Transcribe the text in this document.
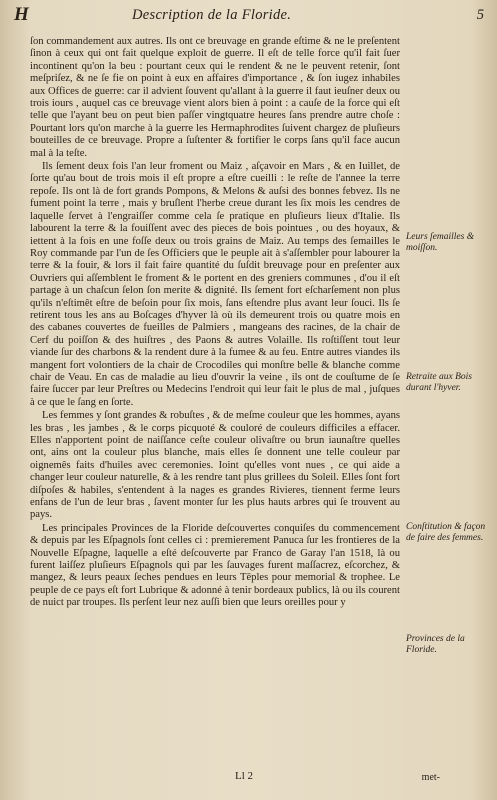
H	Description de la Floride.	5

ſon commandement aux autres. Ils ont ce breuvage en grande eſtime & ne le preſentent ſinon à ceux qui ont fait quelque exploit de guerre. Il eſt de telle force qu'il fait ſuer incontinent qu'on la beu : pourtant ceux qui le rendent & ne le peuvent retenir, ſont meſpriſez, & ne ſe fie on point à eux en affaires d'importance , & ſon iugez inhabiles aux Offices de guerre: car il advient ſouvent qu'allant à la guerre il faut ieuſner deux ou trois iours , auquel cas ce breuvage vient alors bien à point : a cauſe de la force qui eſt telle que l'ayant beu on peut bien paſſer vingtquatre heures ſans prendre autre choſe : Pourtant lors qu'on marche à la guerre les Hermaphrodites ſuivent chargez de pluſieurs bouteilles de ce breuvage. Propre a ſuſtenter & fortifier le corps ſans qu'il face aucun mal à la teſte.

Ils ſement deux fois l'an leur froment ou Maiz , aſçavoir en Mars , & en Iuillet, de ſorte qu'au bout de trois mois il eſt propre a eſtre cueilli : le reſte de l'annee la terre repoſe. Ils ont là de fort grands Pompons, & Melons & auſsi des bonnes febvez. Ils ne fument point la terre , mais y bruſlent l'herbe creue durant les ſix mois les cendres de laquelle ſervet à l'engraiſſer comme cela ſe pratique en pluſieurs lieux d'Italie. Ils labourent la terre & la fouiſſent avec des pieces de bois pointues , ou des hoyaux, & iettent à la fois en une foſſe deux ou trois grains de Maiz. Au temps des ſemailles le Roy commande par l'un de ſes Officiers que le peuple ait à s'aſſembler pour labourer la terre & la fouir, & lors il fait faire quantité du ſuſdit breuvage pour en preſenter aux Ouvriers qui aſſemblent le froment & le portent en des greniers communes , d'ou il eſt partage à un chaſcun ſelon ſon merite & dignité. Ils ſement fort eſcharſement non plus qu'ils n'eſtimêt eſtre de beſoin pour ſix mois, ſans eſtendre plus avant leur ſouci. Ils ſe retirent tous les ans au Boſcages d'hyver là où ils demeurent trois ou quatre mois en des cabanes couvertes de fueilles de Palmiers , mangeans des racines, de la chair de Cerf du poiſſon & des huiſtres , des Paons & autres Volaille. Ils roſtiſſent tout leur viande ſur des charbons & la rendent dure à la fumee & au feu. Entre autres viandes ils mangent fort volontiers de la chair de Crocodiles qui monſtre belle & blanche comme chair de Veau. En cas de maladie au lieu d'ouvrir la veine , ils ont de couſtume de ſe faire ſuccer par leur Preſtres ou Medecins l'endroit qui leur fait le plus de mal , juſques à ce que le ſang en ſorte.

Les femmes y ſont grandes & robuſtes , & de meſme couleur que les hommes, ayans les bras , les jambes , & le corps picquoté & couloré de couleurs difficiles a effacer. Elles n'apportent point de naiſſance ceſte couleur olivaſtre ou brun iaunaſtre quelles ont, ains ont la couleur plus blanche, mais elles ſe donnent une telle couleur par oignemês faits d'huiles avec ceremonies. Ioint qu'elles vont nues , ce qui aide a changer leur couleur naturelle, & à les rendre tant plus grillees du Soleil. Elles ſont fort diſpoſes & habiles, s'entendent à la nages es grandes Rivieres, tiennent ferme leurs enfans de l'un de leur bras , ſavent monter ſur les plus hauts arbres qui ſe trouvent au pays.

Les principales Provinces de la Floride deſcouvertes conquiſes du commencement & depuis par les Eſpagnols ſont celles ci : premierement Panuca ſur les frontieres de la Nouvelle Eſpagne, laquelle a eſté deſcouverte par Franco de Garay l'an 1518, là ou furent laiſſez pluſieurs Eſpagnols qui par les ſauvages furent maſſacrez, eſcorchez, & mangez, & leurs peaux ſeches pendues en leurs Tēples pour memorial & trophee. Le peuple de ce pays eſt fort Lubrique & adonné à tenir bordeaux publics, là ou ils courent de nuict par troupes. Ils perſent leur nez auſſi bien que leurs oreilles pour y

Leurs ſemailles & moiſſon.
Retraite aux Bois durant l'hyver.
Conſtitution & façon de faire des femmes.
Provinces de la Floride.
Ll 2	met-
